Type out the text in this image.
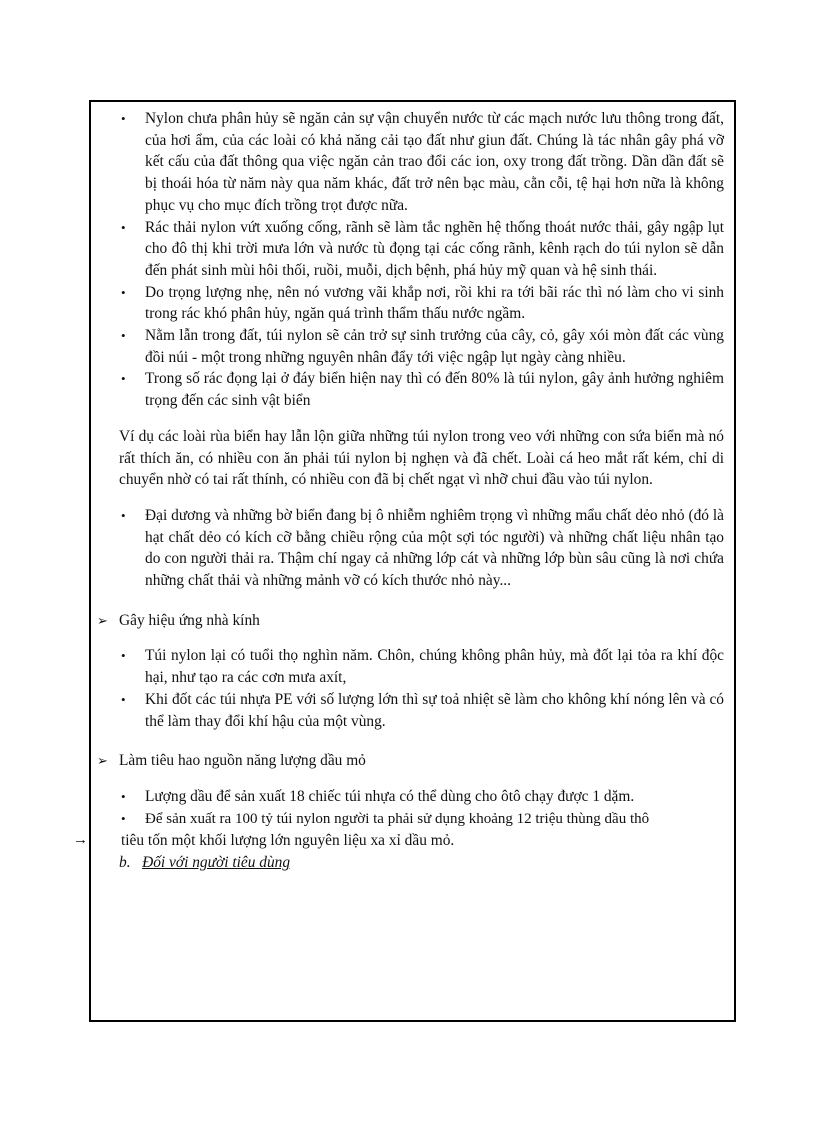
• Nylon chưa phân hủy sẽ ngăn cản sự vận chuyển nước từ các mạch nước lưu thông trong đất, của hơi ẩm, của các loài có khả năng cải tạo đất như giun đất. Chúng là tác nhân gây phá vỡ kết cấu của đất thông qua việc ngăn cản trao đổi các ion, oxy trong đất trồng. Dần dần đất sẽ bị thoái hóa từ năm này qua năm khác, đất trở nên bạc màu, cằn cỗi, tệ hại hơn nữa là không phục vụ cho mục đích trồng trọt được nữa.
• Rác thải nylon vứt xuống cống, rãnh sẽ làm tắc nghẽn hệ thống thoát nước thải, gây ngập lụt cho đô thị khi trời mưa lớn và nước tù đọng tại các cống rãnh, kênh rạch do túi nylon sẽ dẫn đến phát sinh mùi hôi thối, ruồi, muỗi, dịch bệnh, phá hủy mỹ quan và hệ sinh thái.
• Do trọng lượng nhẹ, nên nó vương vãi khắp nơi, rồi khi ra tới bãi rác thì nó làm cho vi sinh trong rác khó phân hủy, ngăn quá trình thẩm thấu nước ngầm.
• Nằm lẫn trong đất, túi nylon sẽ cản trở sự sinh trưởng của cây, cỏ, gây xói mòn đất các vùng đồi núi - một trong những nguyên nhân đẩy tới việc ngập lụt ngày càng nhiều.
• Trong số rác đọng lại ở đáy biển hiện nay thì có đến 80% là túi nylon, gây ảnh hưởng nghiêm trọng đến các sinh vật biển

Ví dụ các loài rùa biển hay lẫn lộn giữa những túi nylon trong veo với những con sứa biển mà nó rất thích ăn, có nhiều con ăn phải túi nylon bị nghẹn và đã chết. Loài cá heo mắt rất kém, chỉ di chuyển nhờ có tai rất thính, có nhiều con đã bị chết ngạt vì nhỡ chui đầu vào túi nylon.

• Đại dương và những bờ biển đang bị ô nhiễm nghiêm trọng vì những mẩu chất dẻo nhỏ (đó là hạt chất dẻo có kích cỡ bằng chiều rộng của một sợi tóc người) và những chất liệu nhân tạo do con người thải ra. Thậm chí ngay cả những lớp cát và những lớp bùn sâu cũng là nơi chứa những chất thải và những mảnh vỡ có kích thước nhỏ này...

➢ Gây hiệu ứng nhà kính

• Túi nylon lại có tuổi thọ nghìn năm. Chôn, chúng không phân hủy, mà đốt lại tỏa ra khí độc hại, như tạo ra các cơn mưa axít,
• Khi đốt các túi nhựa PE với số lượng lớn thì sự toả nhiệt sẽ làm cho không khí nóng lên và có thể làm thay đổi khí hậu của một vùng.

➢ Làm tiêu hao nguồn năng lượng dầu mỏ

• Lượng dầu để sản xuất 18 chiếc túi nhựa có thể dùng cho ôtô chạy được 1 dặm.
• Để sản xuất ra 100 tỷ túi nylon người ta phải sử dụng khoảng 12 triệu thùng dầu thô

→ tiêu tốn một khối lượng lớn nguyên liệu xa xỉ dầu mỏ.

b. Đối với người tiêu dùng
